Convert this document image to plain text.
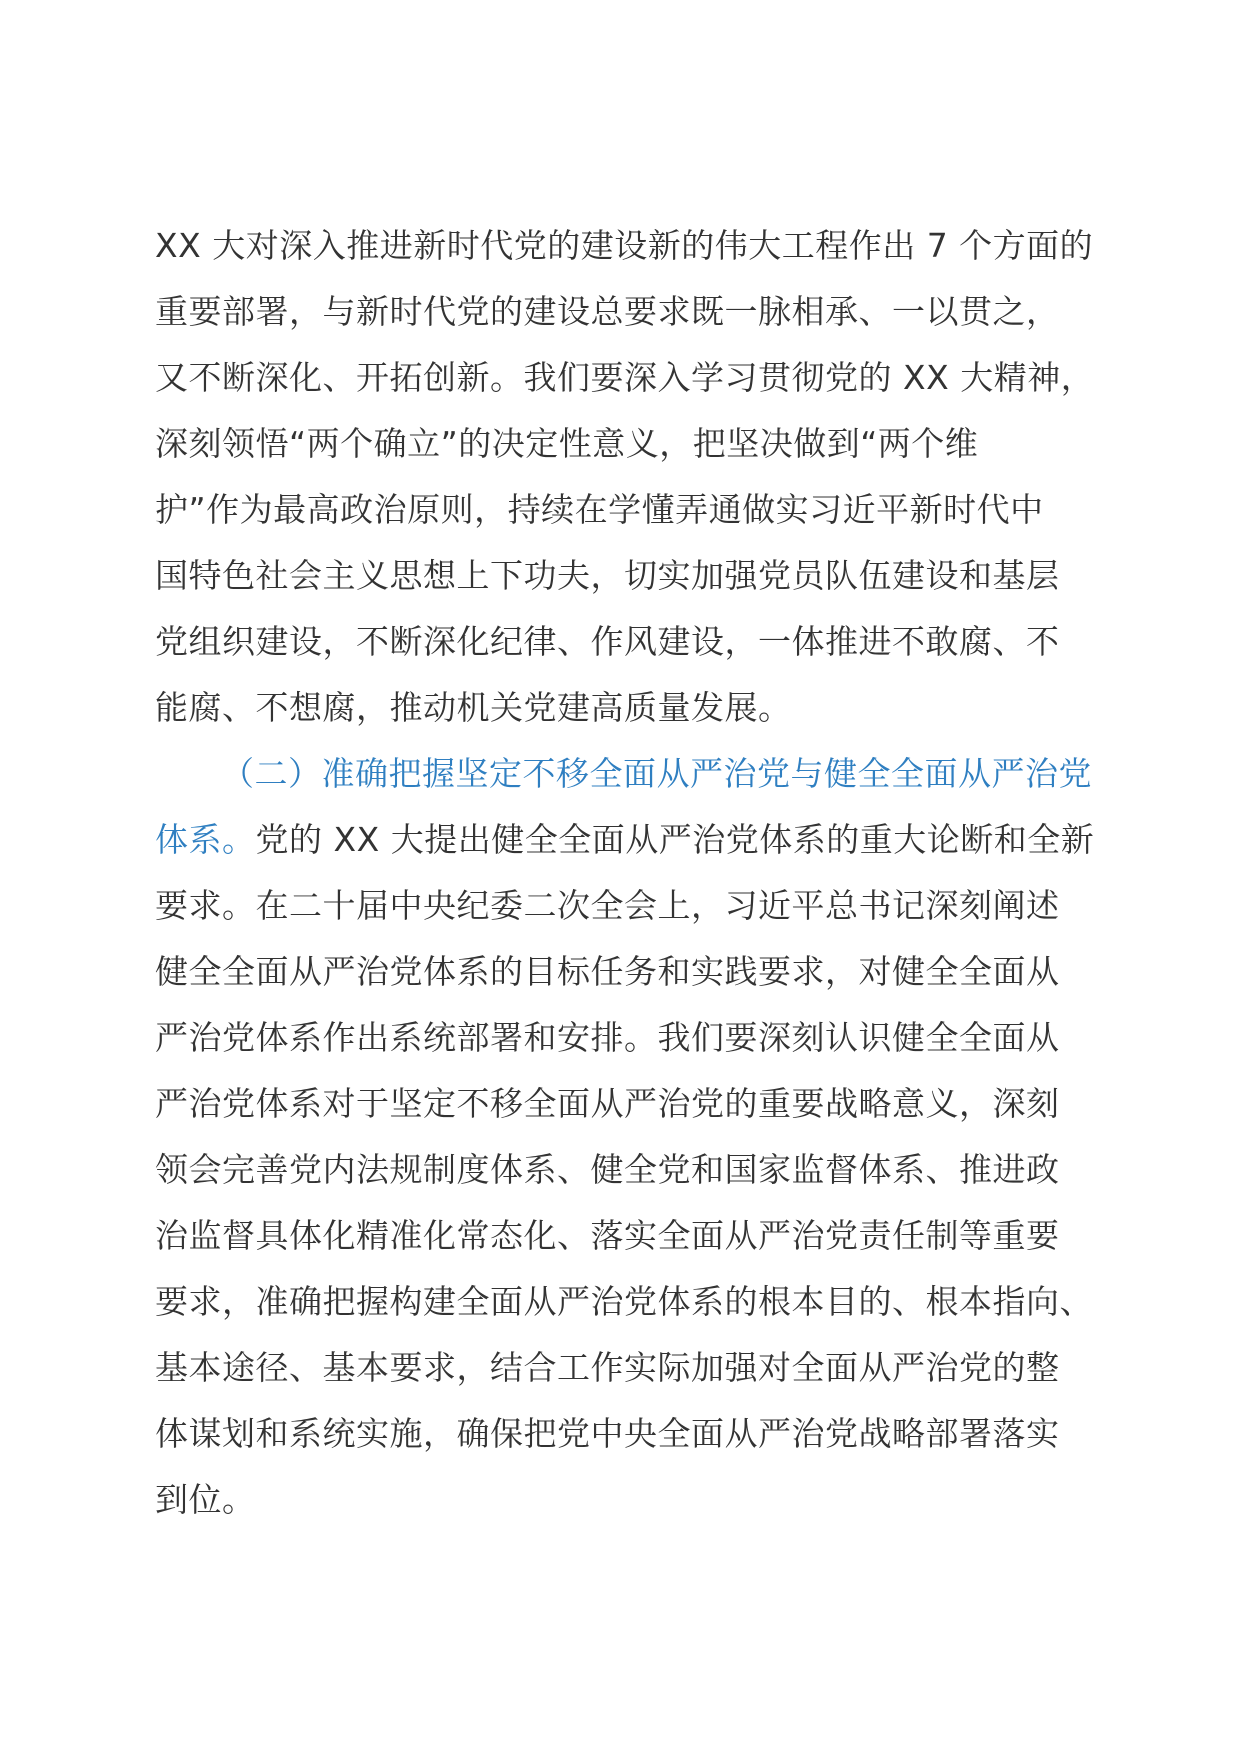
XX 大对深入推进新时代党的建设新的伟大工程作出 7 个方面的
重要部署，与新时代党的建设总要求既一脉相承、一以贯之，
又不断深化、开拓创新。我们要深入学习贯彻党的 XX 大精神，
深刻领悟“两个确立”的决定性意义，把坚决做到“两个维
护”作为最高政治原则，持续在学懂弄通做实习近平新时代中
国特色社会主义思想上下功夫，切实加强党员队伍建设和基层
党组织建设，不断深化纪律、作风建设，一体推进不敢腐、不
能腐、不想腐，推动机关党建高质量发展。
（二）准确把握坚定不移全面从严治党与健全全面从严治党
体系。党的 XX 大提出健全全面从严治党体系的重大论断和全新
要求。在二十届中央纪委二次全会上，习近平总书记深刻阐述
健全全面从严治党体系的目标任务和实践要求，对健全全面从
严治党体系作出系统部署和安排。我们要深刻认识健全全面从
严治党体系对于坚定不移全面从严治党的重要战略意义，深刻
领会完善党内法规制度体系、健全党和国家监督体系、推进政
治监督具体化精准化常态化、落实全面从严治党责任制等重要
要求，准确把握构建全面从严治党体系的根本目的、根本指向、
基本途径、基本要求，结合工作实际加强对全面从严治党的整
体谋划和系统实施，确保把党中央全面从严治党战略部署落实
到位。
